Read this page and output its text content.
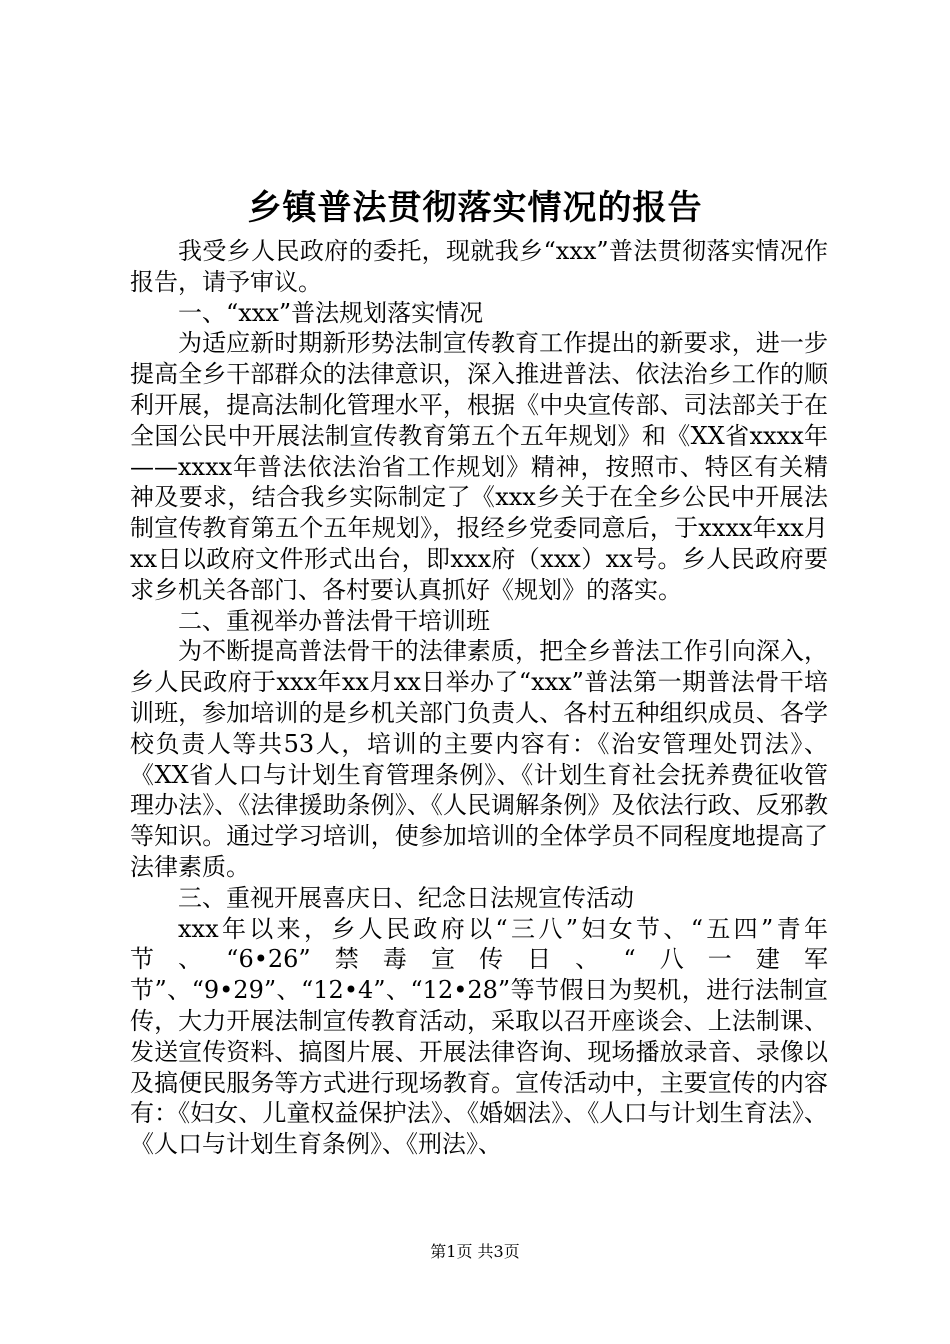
乡镇普法贯彻落实情况的报告

我受乡人民政府的委托，现就我乡“xxx”普法贯彻落实情况作报告，请予审议。

一、“xxx”普法规划落实情况

为适应新时期新形势法制宣传教育工作提出的新要求，进一步提高全乡干部群众的法律意识，深入推进普法、依法治乡工作的顺利开展，提高法制化管理水平，根据《中央宣传部、司法部关于在全国公民中开展法制宣传教育第五个五年规划》和《XX省xxxx年——xxxx年普法依法治省工作规划》精神，按照市、特区有关精神及要求，结合我乡实际制定了《xxx乡关于在全乡公民中开展法制宣传教育第五个五年规划》，报经乡党委同意后，于xxxx年xx月xx日以政府文件形式出台，即xxx府（xxx）xx号。乡人民政府要求乡机关各部门、各村要认真抓好《规划》的落实。

二、重视举办普法骨干培训班

为不断提高普法骨干的法律素质，把全乡普法工作引向深入，乡人民政府于xxx年xx月xx日举办了“xxx”普法第一期普法骨干培训班，参加培训的是乡机关部门负责人、各村五种组织成员、各学校负责人等共53人，培训的主要内容有：《治安管理处罚法》、《XX省人口与计划生育管理条例》、《计划生育社会抚养费征收管理办法》、《法律援助条例》、《人民调解条例》及依法行政、反邪教等知识。通过学习培训，使参加培训的全体学员不同程度地提高了法律素质。

三、重视开展喜庆日、纪念日法规宣传活动

xxx年以来，乡人民政府以“三八”妇女节、“五四”青年节、“6•26”禁毒宣传日、“八一建军节”、“9•29”、“12•4”、“12•28”等节假日为契机，进行法制宣传，大力开展法制宣传教育活动，采取以召开座谈会、上法制课、发送宣传资料、搞图片展、开展法律咨询、现场播放录音、录像以及搞便民服务等方式进行现场教育。宣传活动中，主要宣传的内容有：《妇女、儿童权益保护法》、《婚姻法》、《人口与计划生育法》、《人口与计划生育条例》、《刑法》、

第1页 共3页
